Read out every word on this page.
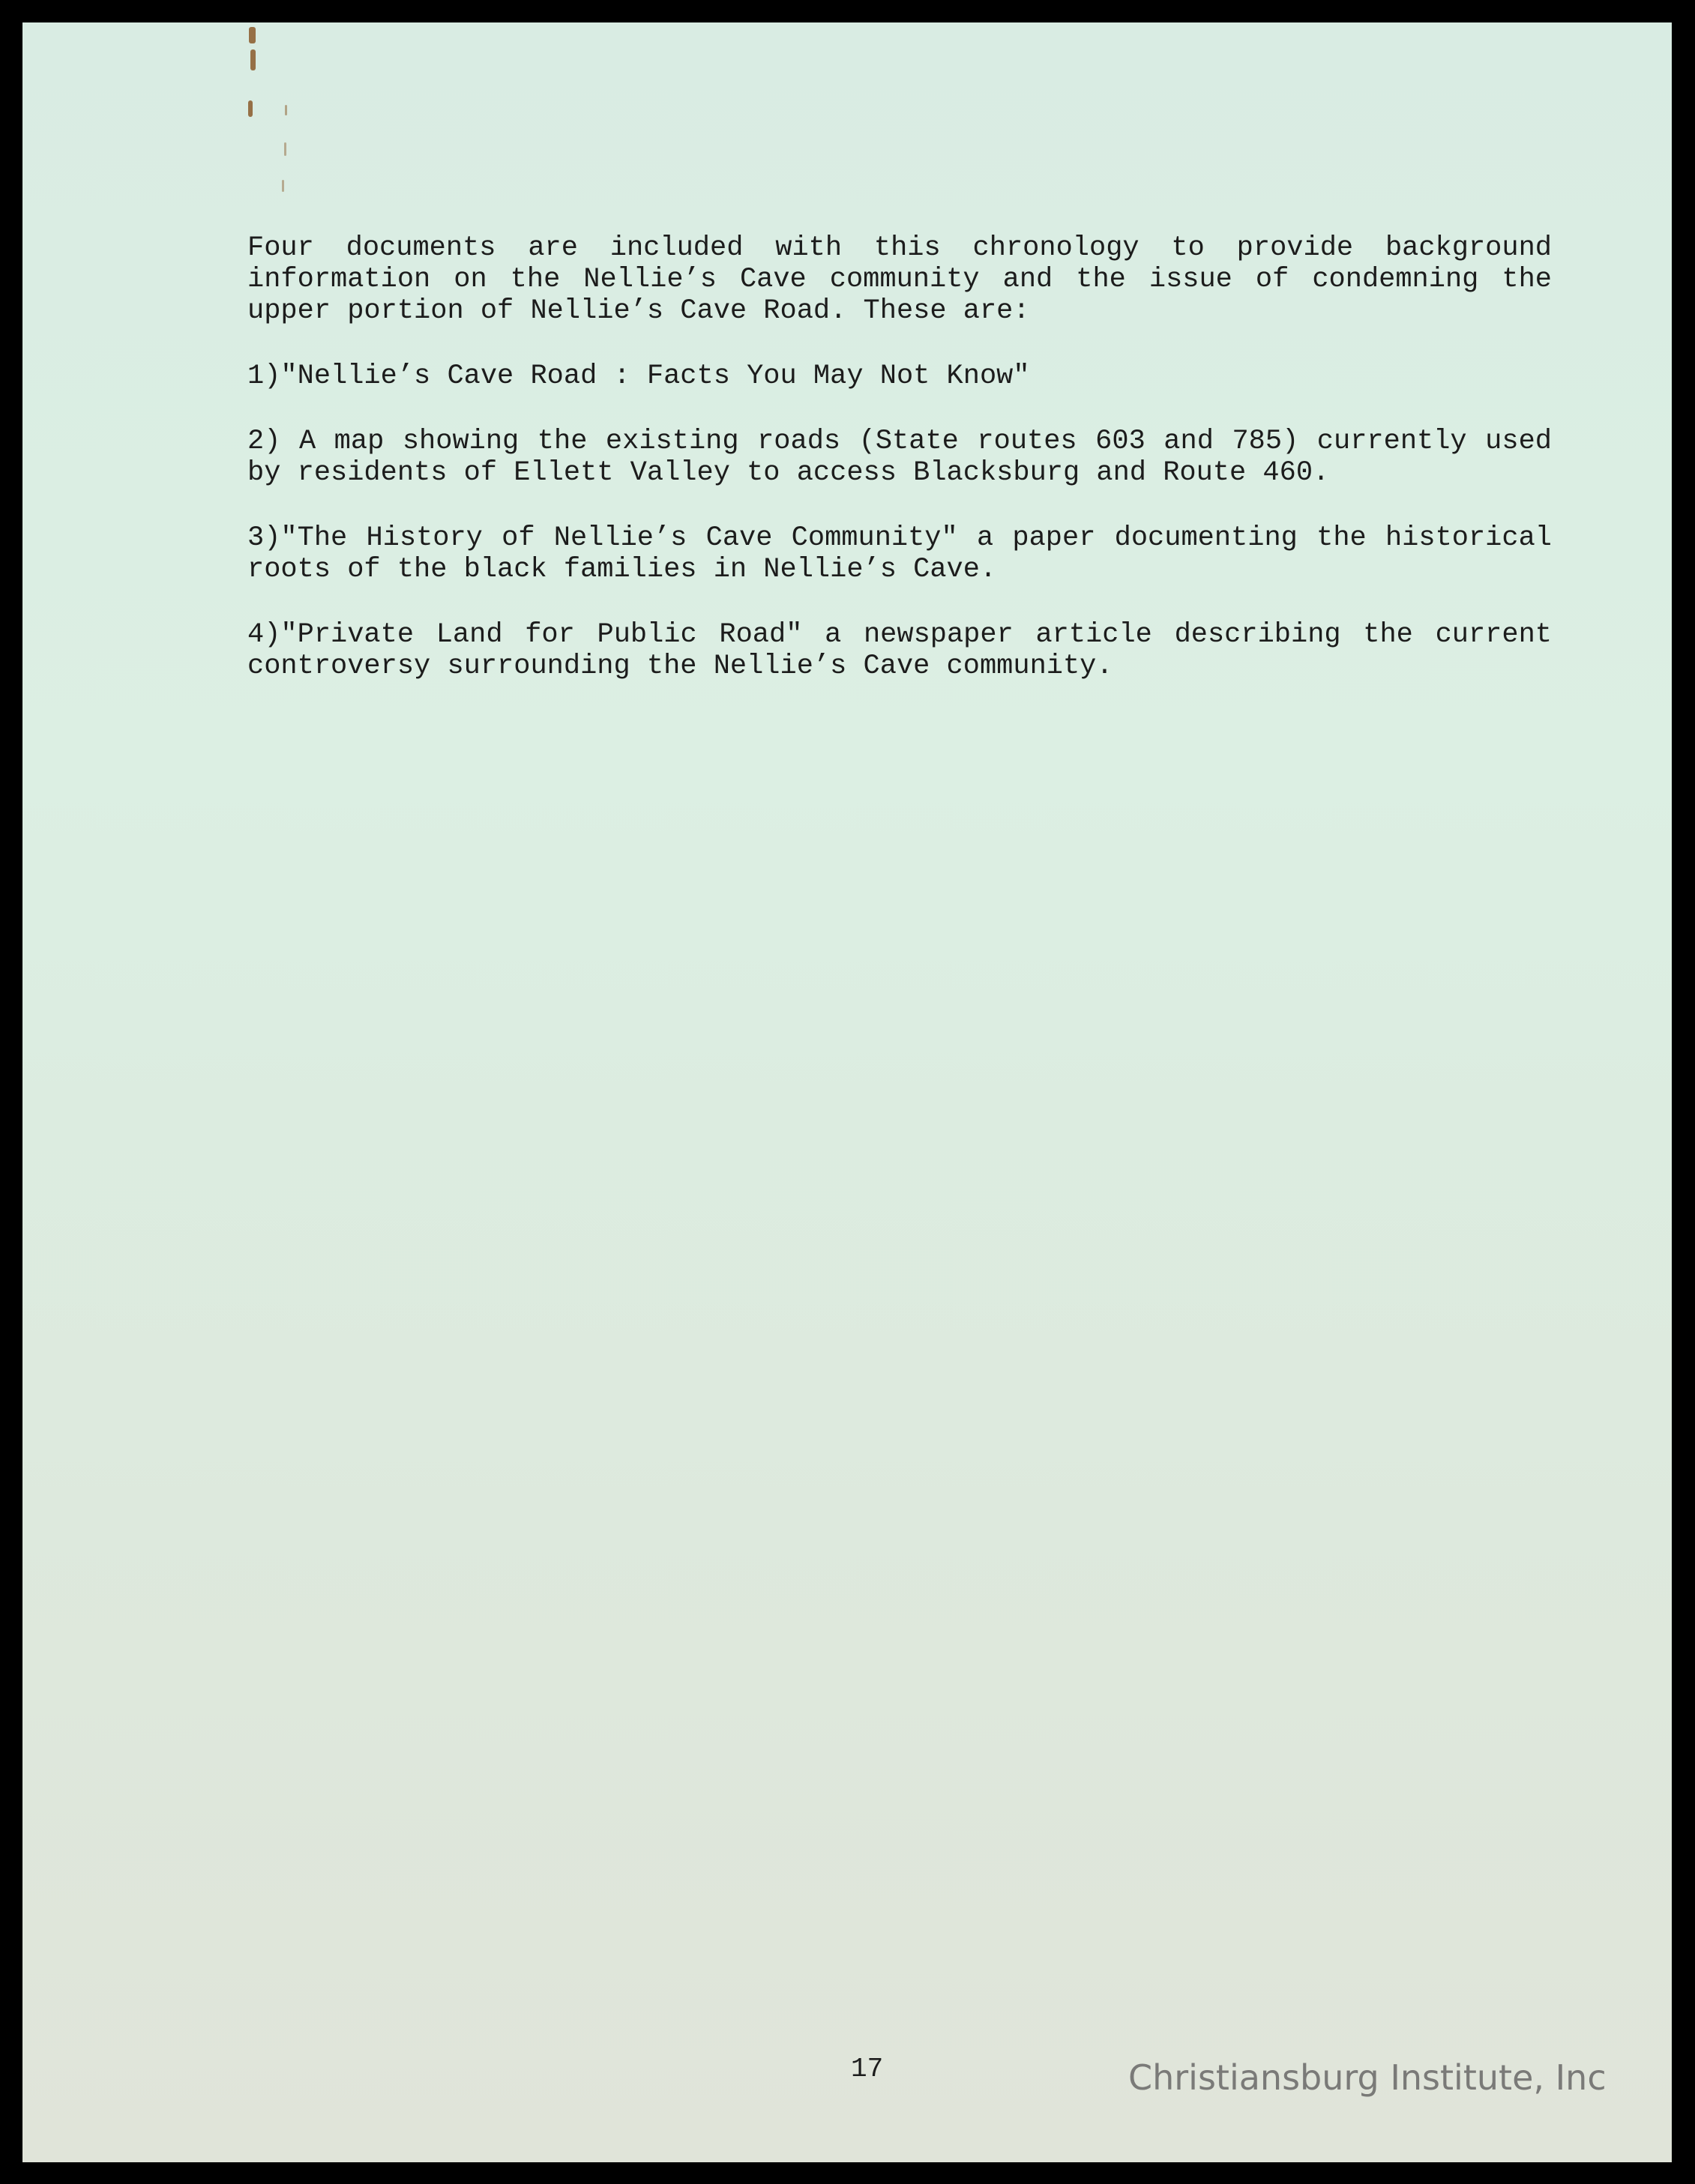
Four documents are included with this chronology to provide background information on the Nellie’s Cave community and the issue of condemning the upper portion of Nellie’s Cave Road. These are:

1)"Nellie’s Cave Road : Facts You May Not Know"

2) A map showing the existing roads (State routes 603 and 785) currently used by residents of Ellett Valley to access Blacksburg and Route 460.

3)"The History of Nellie’s Cave Community" a paper documenting the historical roots of the black families in Nellie’s Cave.

4)"Private Land for Public Road" a newspaper article describing the current controversy surrounding the Nellie’s Cave community.

17	Christiansburg Institute, Inc
